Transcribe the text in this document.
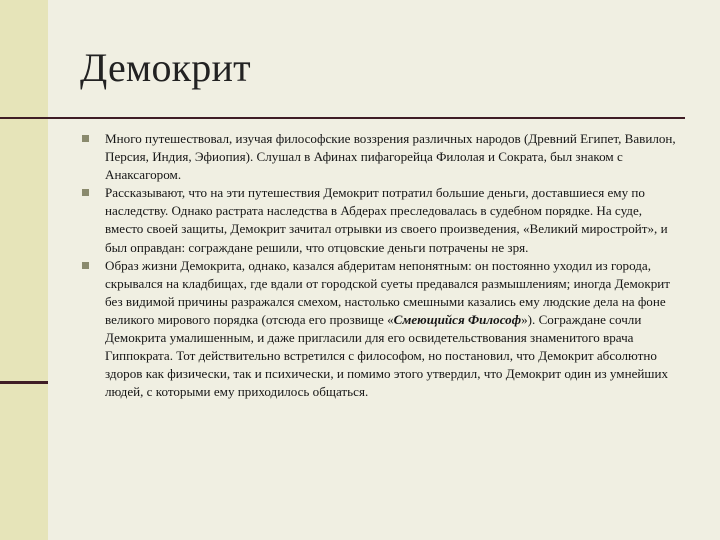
Демокрит
Много путешествовал, изучая философские воззрения различных народов (Древний Египет, Вавилон, Персия, Индия, Эфиопия). Слушал в Афинах пифагорейца Филолая и Сократа, был знаком с Анаксагором.
Рассказывают, что на эти путешествия Демокрит потратил большие деньги, доставшиеся ему по наследству. Однако растрата наследства в Абдерах преследовалась в судебном порядке. На суде, вместо своей защиты, Демокрит зачитал отрывки из своего произведения, «Великий миростройт», и был оправдан: сограждане решили, что отцовские деньги потрачены не зря.
Образ жизни Демокрита, однако, казался абдеритам непонятным: он постоянно уходил из города, скрывался на кладбищах, где вдали от городской суеты предавался размышлениям; иногда Демокрит без видимой причины разражался смехом, настолько смешными казались ему людские дела на фоне великого мирового порядка (отсюда его прозвище «Смеющийся Философ»). Сограждане сочли Демокрита умалишенным, и даже пригласили для его освидетельствования знаменитого врача Гиппократа. Тот действительно встретился с философом, но постановил, что Демокрит абсолютно здоров как физически, так и психически, и помимо этого утвердил, что Демокрит один из умнейших людей, с которыми ему приходилось общаться.
